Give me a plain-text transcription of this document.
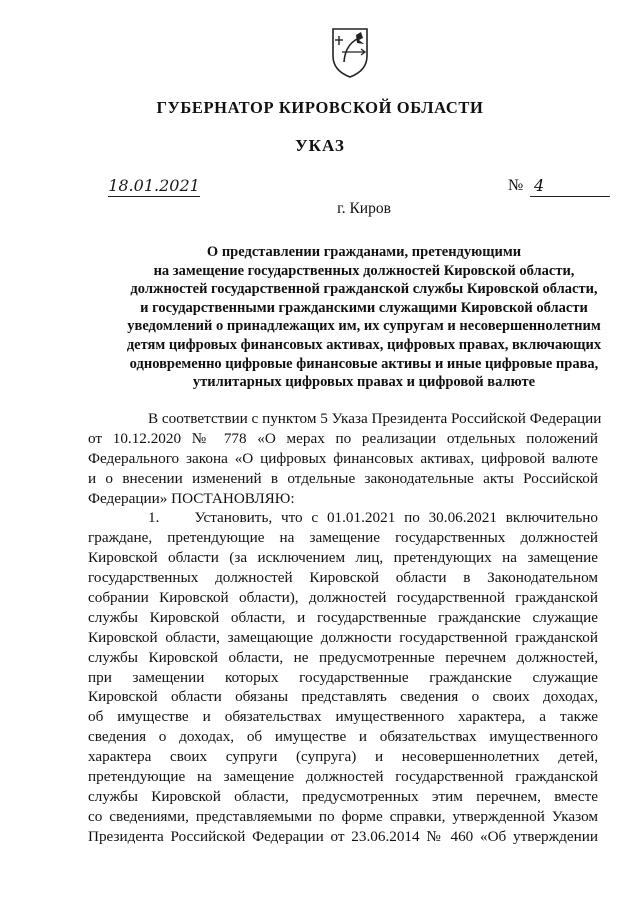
ГУБЕРНАТОР КИРОВСКОЙ ОБЛАСТИ
УКАЗ
18.01.2021	№ 4
г. Киров
О представлении гражданами, претендующими
на замещение государственных должностей Кировской области,
должностей государственной гражданской службы Кировской области,
и государственными гражданскими служащими Кировской области
уведомлений о принадлежащих им, их супругам и несовершеннолетним
детям цифровых финансовых активах, цифровых правах, включающих
одновременно цифровые финансовые активы и иные цифровые права,
утилитарных цифровых правах и цифровой валюте
В соответствии с пунктом 5 Указа Президента Российской Федерации
от 10.12.2020 № 778 «О мерах по реализации отдельных положений
Федерального закона «О цифровых финансовых активах, цифровой валюте
и о внесении изменений в отдельные законодательные акты Российской
Федерации» ПОСТАНОВЛЯЮ:
1.    Установить, что с 01.01.2021 по 30.06.2021 включительно
граждане, претендующие на замещение государственных должностей
Кировской области (за исключением лиц, претендующих на замещение
государственных должностей Кировской области в Законодательном
собрании Кировской области), должностей государственной гражданской
службы Кировской области, и государственные гражданские служащие
Кировской области, замещающие должности государственной гражданской
службы Кировской области, не предусмотренные перечнем должностей,
при замещении которых государственные гражданские служащие
Кировской области обязаны представлять сведения о своих доходах,
об имуществе и обязательствах имущественного характера, а также
сведения о доходах, об имуществе и обязательствах имущественного
характера своих супруги (супруга) и несовершеннолетних детей,
претендующие на замещение должностей государственной гражданской
службы Кировской области, предусмотренных этим перечнем, вместе
со сведениями, представляемыми по форме справки, утвержденной Указом
Президента Российской Федерации от 23.06.2014 № 460 «Об утверждении
